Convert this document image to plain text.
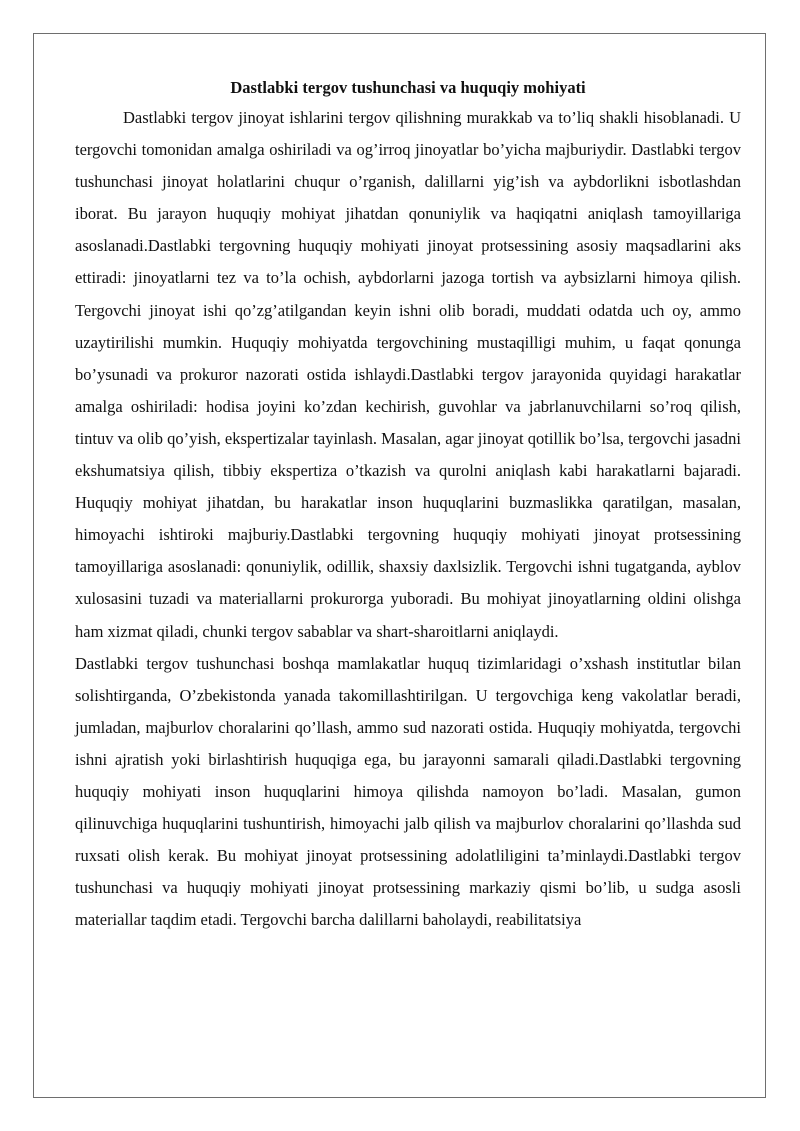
Dastlabki tergov tushunchasi va huquqiy mohiyati

Dastlabki tergov jinoyat ishlarini tergov qilishning murakkab va to’liq shakli hisoblanadi. U tergovchi tomonidan amalga oshiriladi va og’irroq jinoyatlar bo’yicha majburiydir. Dastlabki tergov tushunchasi jinoyat holatlarini chuqur o’rganish, dalillarni yig’ish va aybdorlikni isbotlashdan iborat. Bu jarayon huquqiy mohiyat jihatdan qonuniylik va haqiqatni aniqlash tamoyillariga asoslanadi.Dastlabki tergovning huquqiy mohiyati jinoyat protsessining asosiy maqsadlarini aks ettiradi: jinoyatlarni tez va to’la ochish, aybdorlarni jazoga tortish va aybsizlarni himoya qilish. Tergovchi jinoyat ishi qo’zg’atilgandan keyin ishni olib boradi, muddati odatda uch oy, ammo uzaytirilishi mumkin. Huquqiy mohiyatda tergovchining mustaqilligi muhim, u faqat qonunga bo’ysunadi va prokuror nazorati ostida ishlaydi.Dastlabki tergov jarayonida quyidagi harakatlar amalga oshiriladi: hodisa joyini ko’zdan kechirish, guvohlar va jabrlanuvchilarni so’roq qilish, tintuv va olib qo’yish, ekspertizalar tayinlash. Masalan, agar jinoyat qotillik bo’lsa, tergovchi jasadni ekshumatsiya qilish, tibbiy ekspertiza o’tkazish va qurolni aniqlash kabi harakatlarni bajaradi. Huquqiy mohiyat jihatdan, bu harakatlar inson huquqlarini buzmaslikka qaratilgan, masalan, himoyachi ishtiroki majburiy.Dastlabki tergovning huquqiy mohiyati jinoyat protsessining tamoyillariga asoslanadi: qonuniylik, odillik, shaxsiy daxlsizlik. Tergovchi ishni tugatganda, ayblov xulosasini tuzadi va materiallarni prokurorga yuboradi. Bu mohiyat jinoyatlarning oldini olishga ham xizmat qiladi, chunki tergov sabablar va shart-sharoitlarni aniqlaydi.

Dastlabki tergov tushunchasi boshqa mamlakatlar huquq tizimlaridagi o’xshash institutlar bilan solishtirganda, O’zbekistonda yanada takomillashtirilgan. U tergovchiga keng vakolatlar beradi, jumladan, majburlov choralarini qo’llash, ammo sud nazorati ostida. Huquqiy mohiyatda, tergovchi ishni ajratish yoki birlashtirish huquqiga ega, bu jarayonni samarali qiladi.Dastlabki tergovning huquqiy mohiyati inson huquqlarini himoya qilishda namoyon bo’ladi. Masalan, gumon qilinuvchiga huquqlarini tushuntirish, himoyachi jalb qilish va majburlov choralarini qo’llashda sud ruxsati olish kerak. Bu mohiyat jinoyat protsessining adolatliligini ta’minlaydi.Dastlabki tergov tushunchasi va huquqiy mohiyati jinoyat protsessining markaziy qismi bo’lib, u sudga asosli materiallar taqdim etadi. Tergovchi barcha dalillarni baholaydi, reabilitatsiya
